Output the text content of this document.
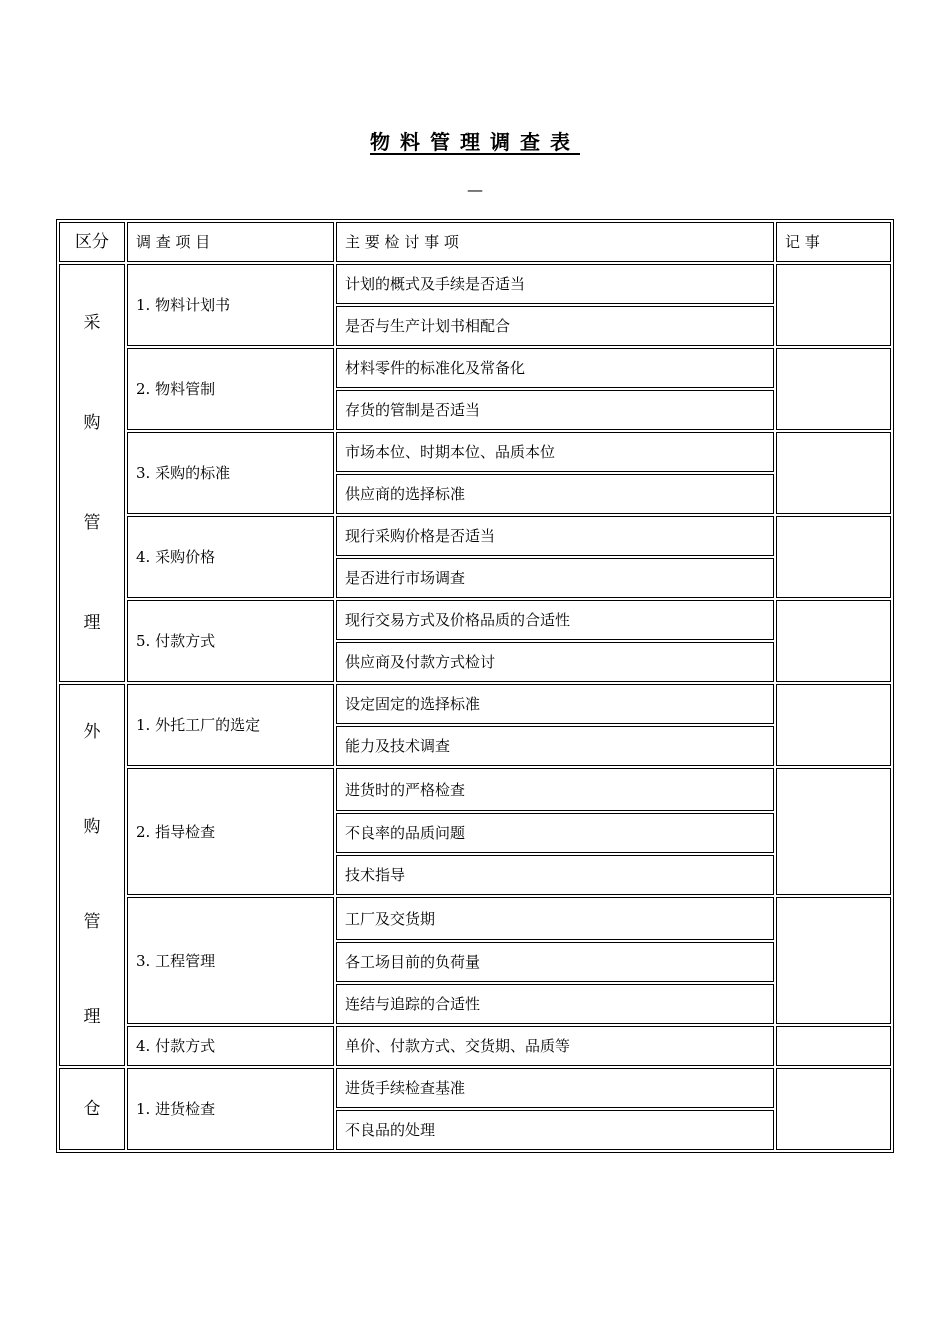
物料管理调查表
—
区分	调 查 项 目	主 要 检 讨 事 项	记 事

采
购
管
理	1. 物料计划书	计划的概式及手续是否适当	
		是否与生产计划书相配合	
	2. 物料管制	材料零件的标准化及常备化	
		存货的管制是否适当	
	3. 采购的标准	市场本位、时期本位、品质本位	
		供应商的选择标准	
	4. 采购价格	现行采购价格是否适当	
		是否进行市场调查	
	5. 付款方式	现行交易方式及价格品质的合适性	
		供应商及付款方式检讨	

外
购
管
理	1. 外托工厂的选定	设定固定的选择标准	
		能力及技术调查	
	2. 指导检查	进货时的严格检查	
		不良率的品质问题	
		技术指导	
	3. 工程管理	工厂及交货期	
		各工场目前的负荷量	
		连结与追踪的合适性	
	4. 付款方式	单价、付款方式、交货期、品质等	
仓	1. 进货检查	进货手续检查基准	
		不良品的处理	
